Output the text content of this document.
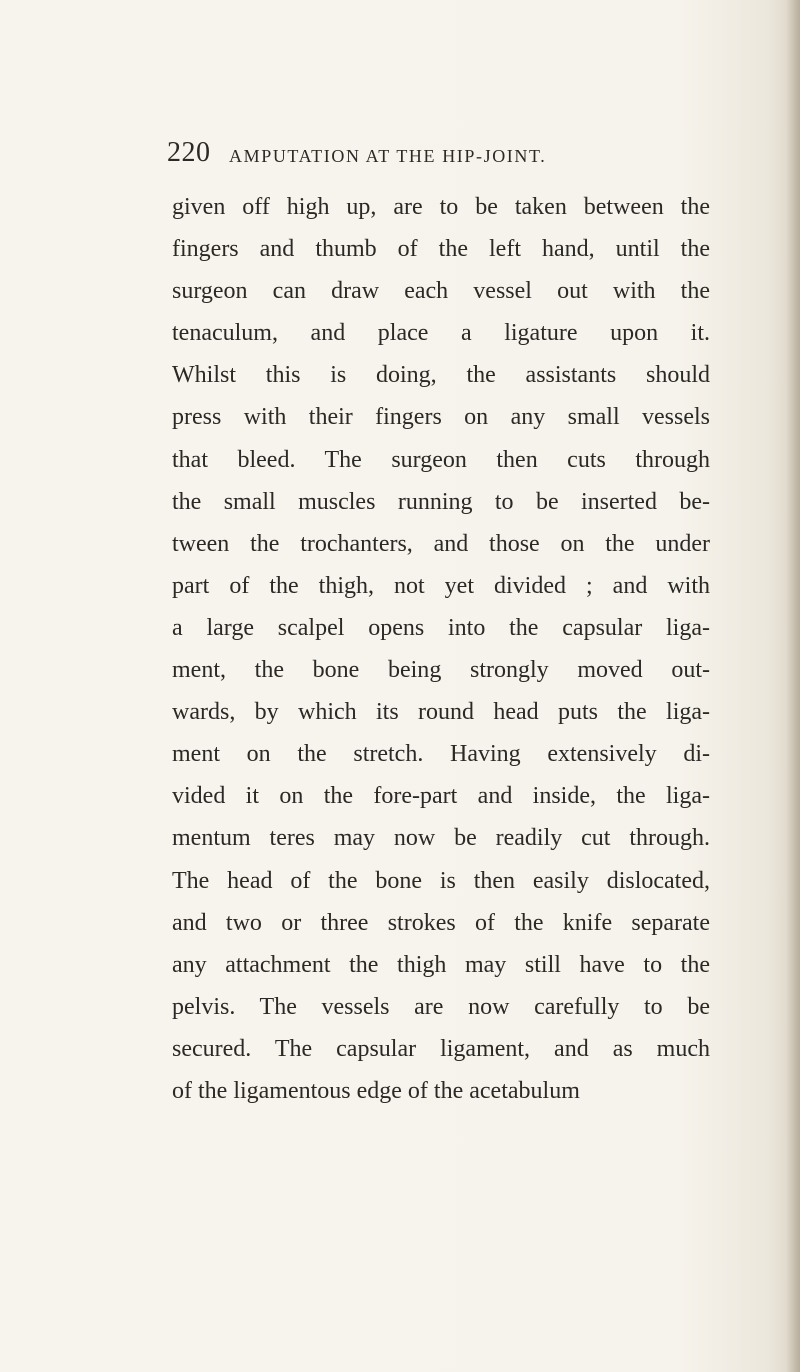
220 AMPUTATION AT THE HIP-JOINT.
given off high up, are to be taken between the
fingers and thumb of the left hand, until the
surgeon can draw each vessel out with the
tenaculum, and place a ligature upon it.
Whilst this is doing, the assistants should
press with their fingers on any small vessels
that bleed. The surgeon then cuts through
the small muscles running to be inserted be-
tween the trochanters, and those on the under
part of the thigh, not yet divided ; and with
a large scalpel opens into the capsular liga-
ment, the bone being strongly moved out-
wards, by which its round head puts the liga-
ment on the stretch. Having extensively di-
vided it on the fore-part and inside, the liga-
mentum teres may now be readily cut through.
The head of the bone is then easily dislocated,
and two or three strokes of the knife separate
any attachment the thigh may still have to the
pelvis. The vessels are now carefully to be
secured. The capsular ligament, and as much
of the ligamentous edge of the acetabulum
